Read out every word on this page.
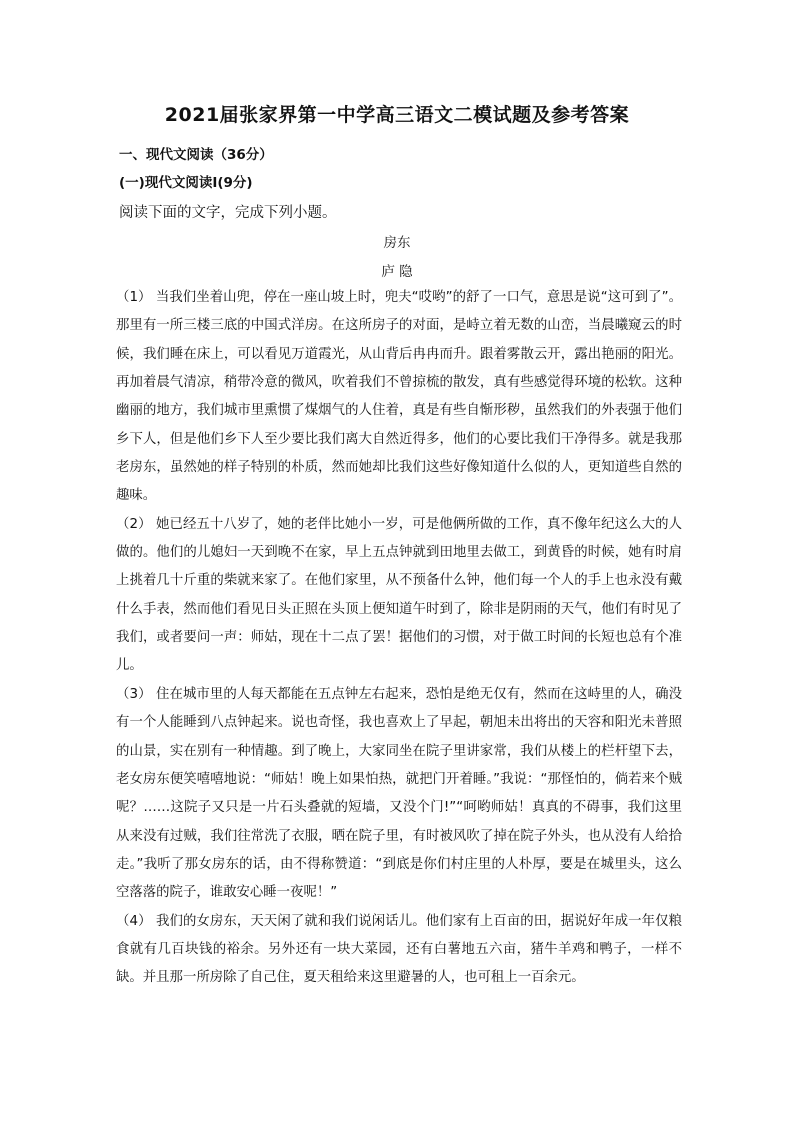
2021届张家界第一中学高三语文二模试题及参考答案
一、现代文阅读（36分）
(一)现代文阅读I(9分)
阅读下面的文字，完成下列小题。
房东
庐 隐

（1） 当我们坐着山兜，停在一座山坡上时，兜夫“哎哟”的舒了一口气，意思是说“这可到了”。那里有一所三楼三底的中国式洋房。在这所房子的对面，是峙立着无数的山峦，当晨曦窥云的时候，我们睡在床上，可以看见万道霞光，从山背后冉冉而升。跟着雾散云开，露出艳丽的阳光。再加着晨气清凉，稍带冷意的微风，吹着我们不曾掠梳的散发，真有些感觉得环境的松软。这种幽丽的地方，我们城市里熏惯了煤烟气的人住着，真是有些自惭形秽，虽然我们的外表强于他们乡下人，但是他们乡下人至少要比我们离大自然近得多，他们的心要比我们干净得多。就是我那老房东，虽然她的样子特别的朴质，然而她却比我们这些好像知道什么似的人，更知道些自然的趣味。

（2） 她已经五十八岁了，她的老伴比她小一岁，可是他俩所做的工作，真不像年纪这么大的人做的。他们的儿媳妇一天到晚不在家，早上五点钟就到田地里去做工，到黄昏的时候，她有时肩上挑着几十斤重的柴就来家了。在他们家里，从不预备什么钟，他们每一个人的手上也永没有戴什么手表，然而他们看见日头正照在头顶上便知道午时到了，除非是阴雨的天气，他们有时见了我们，或者要问一声：师姑，现在十二点了罢！据他们的习惯，对于做工时间的长短也总有个准儿。

（3） 住在城市里的人每天都能在五点钟左右起来，恐怕是绝无仅有，然而在这峙里的人，确没有一个人能睡到八点钟起来。说也奇怪，我也喜欢上了早起，朝旭未出将出的天容和阳光未普照的山景，实在别有一种情趣。到了晚上，大家同坐在院子里讲家常，我们从楼上的栏杆望下去，老女房东便笑嘻嘻地说：“师姑！晚上如果怕热，就把门开着睡。”我说：“那怪怕的，倘若来个贼呢？……这院子又只是一片石头叠就的短墙，又没个门!”“呵哟师姑！真真的不碍事，我们这里从来没有过贼，我们往常洗了衣服，晒在院子里，有时被风吹了掉在院子外头，也从没有人给拾走。”我听了那女房东的话，由不得称赞道：“到底是你们村庄里的人朴厚，要是在城里头，这么空落落的院子，谁敢安心睡一夜呢！”

（4） 我们的女房东，天天闲了就和我们说闲话儿。他们家有上百亩的田，据说好年成一年仅粮食就有几百块钱的裕余。另外还有一块大菜园，还有白薯地五六亩，猪牛羊鸡和鸭子，一样不缺。并且那一所房除了自己住，夏天租给来这里避暑的人，也可租上一百余元。
